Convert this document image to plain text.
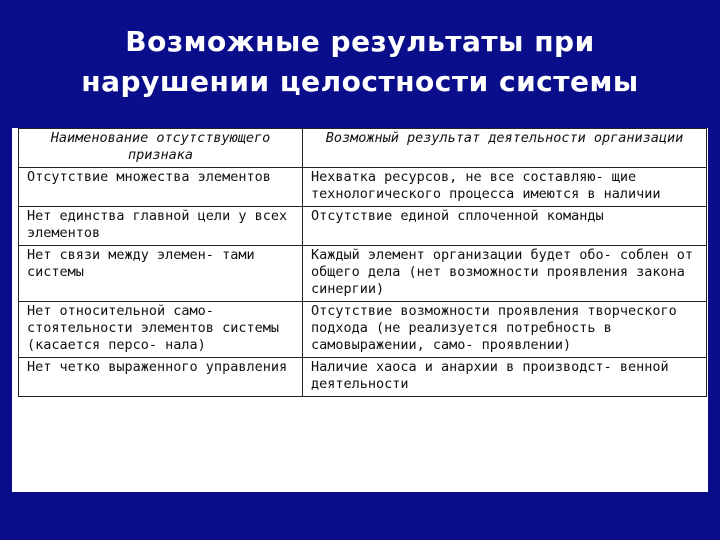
Возможные результаты при
нарушении целостности системы
Наименование отсутствующего признака	Возможный результат деятельности организации
Отсутствие множества элементов	Нехватка ресурсов, не все составляю- щие технологического процесса имеются в наличии
Нет единства главной цели у всех элементов	Отсутствие единой сплоченной команды
Нет связи между элемен- тами системы	Каждый элемент организации будет обо- соблен от общего дела (нет возможности проявления закона синергии)
Нет относительной само- стоятельности элементов системы (касается персо- нала)	Отсутствие возможности проявления творческого подхода (не реализуется потребность в самовыражении, само- проявлении)
Нет четко выраженного управления	Наличие хаоса и анархии в производст- венной деятельности
